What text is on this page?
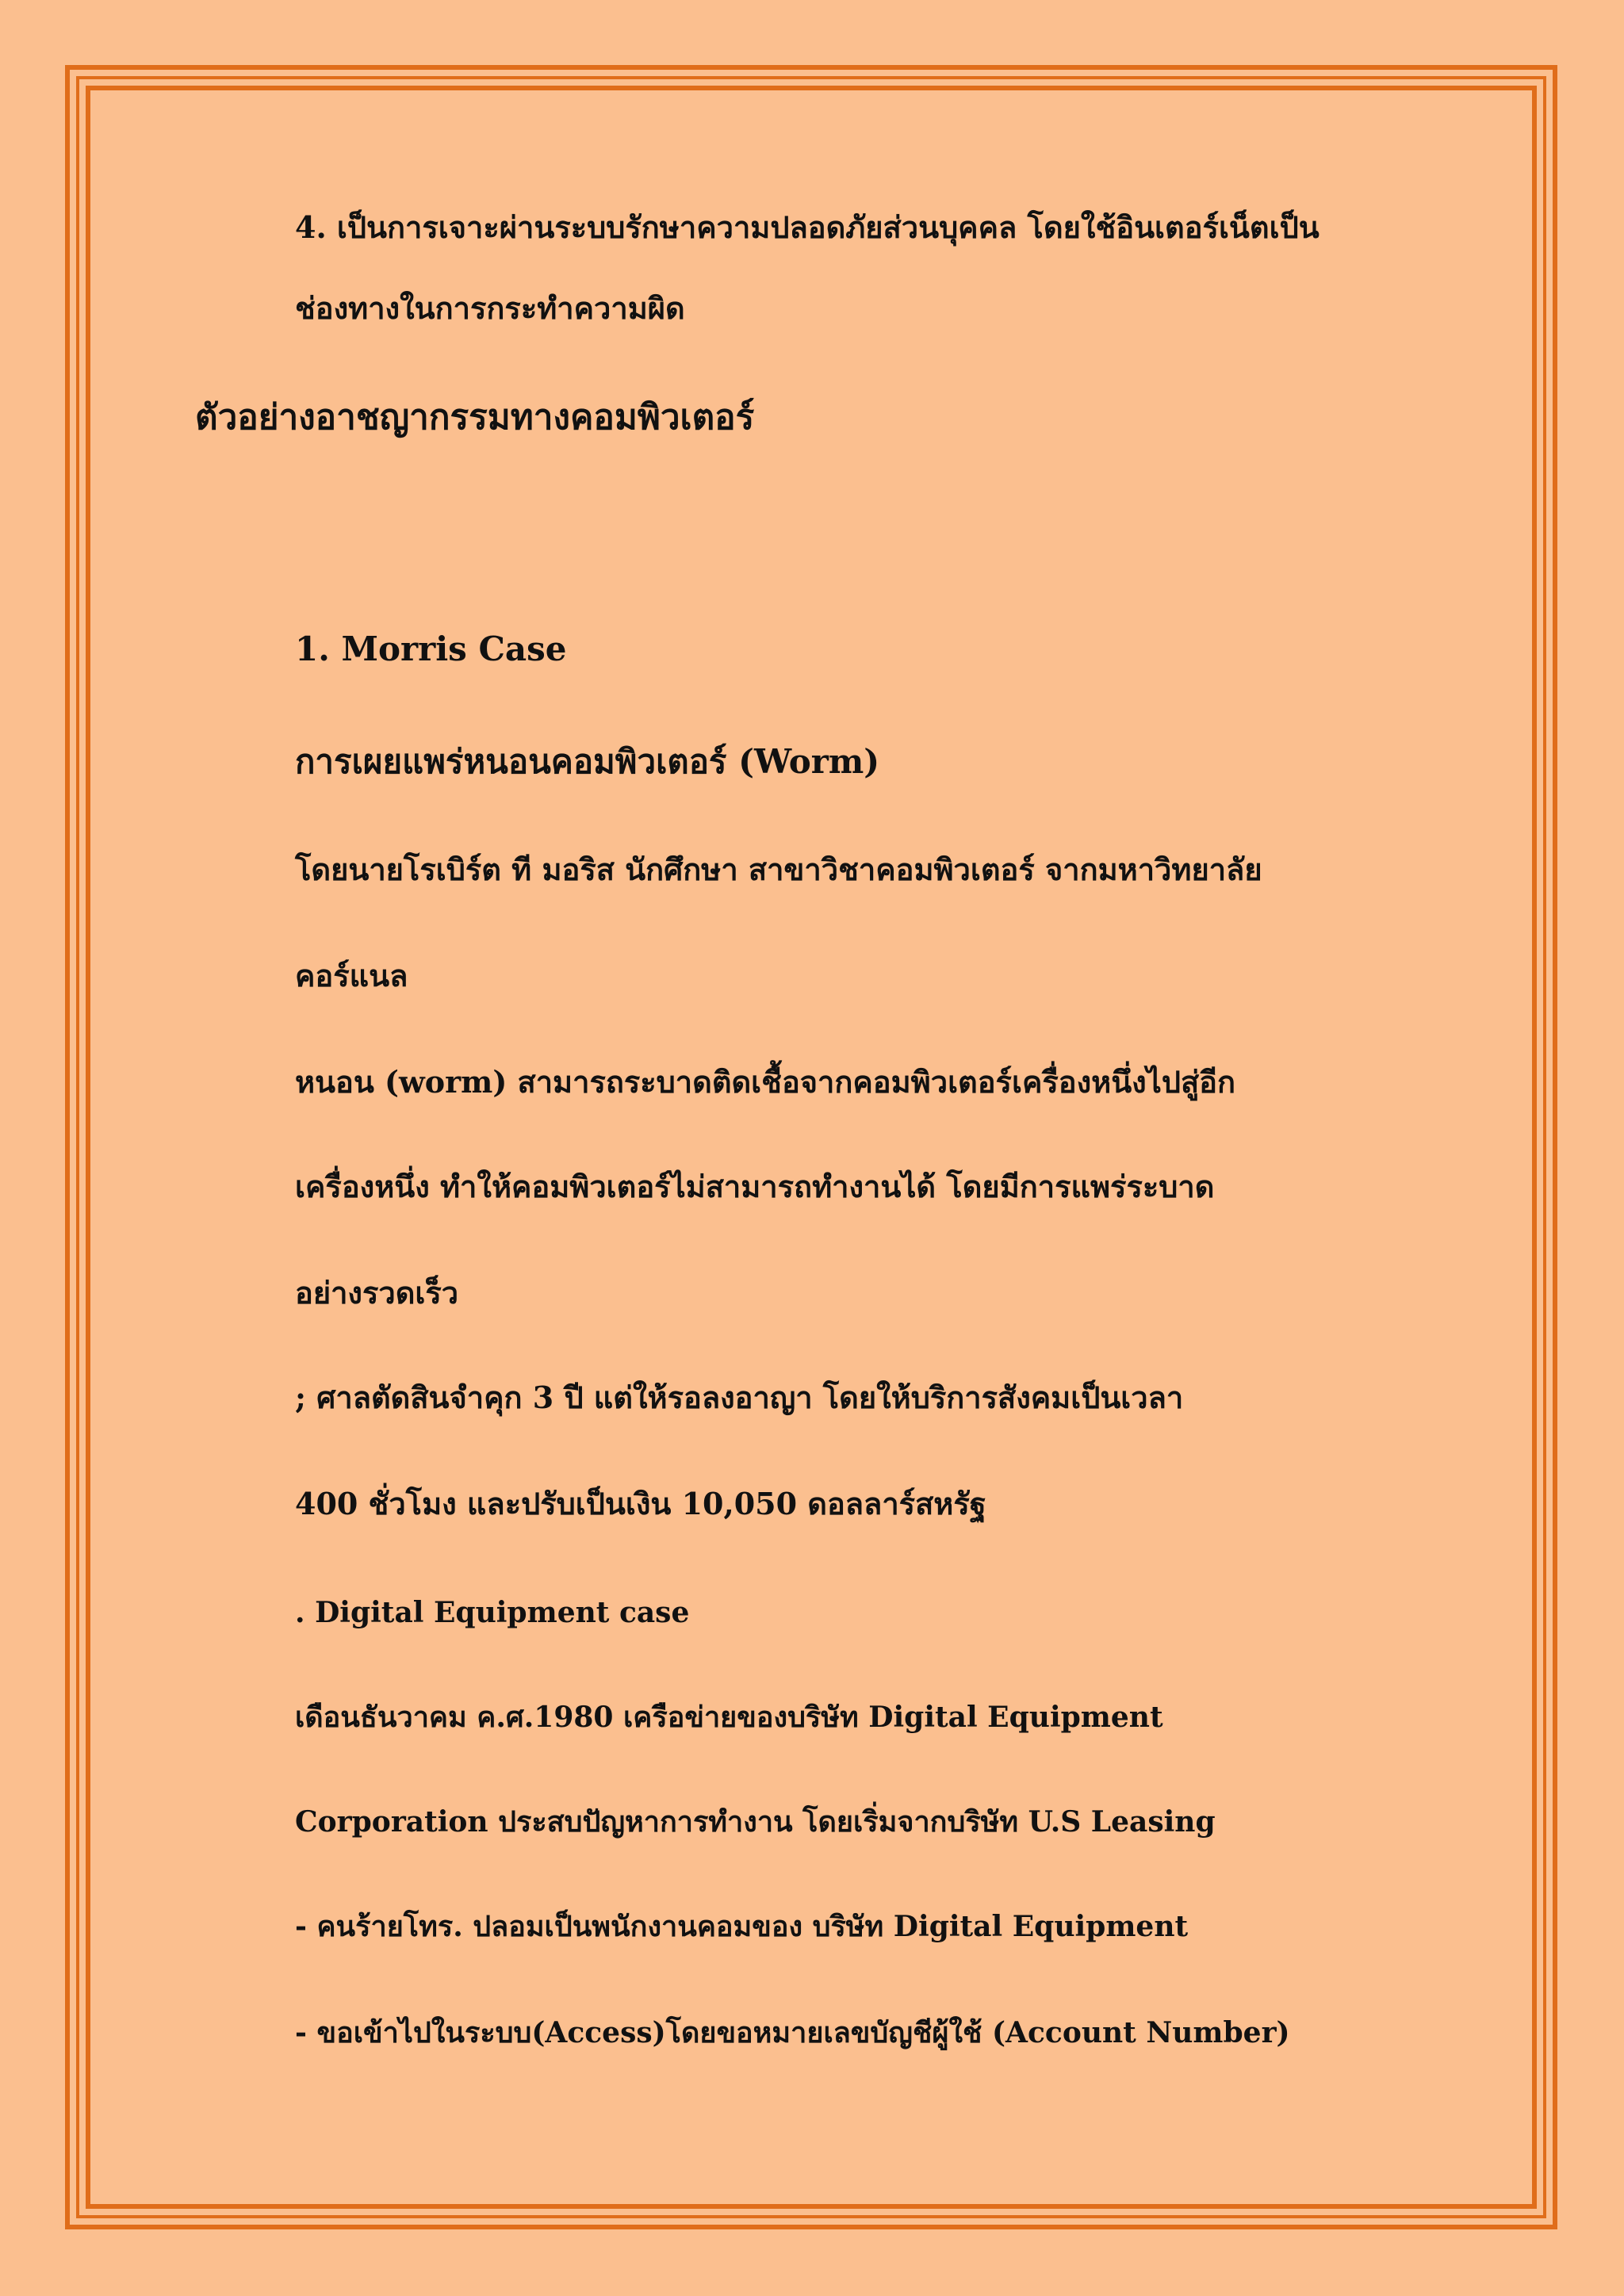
4. เป็นการเจาะผ่านระบบรักษาความปลอดภัยส่วนบุคคล โดยใช้อินเตอร์เน็ตเป็น
ช่องทางในการกระทำความผิด
ตัวอย่างอาชญากรรมทางคอมพิวเตอร์
1. Morris Case
การเผยแพร่หนอนคอมพิวเตอร์ (Worm)
โดยนายโรเบิร์ต ที มอริส นักศึกษา สาขาวิชาคอมพิวเตอร์ จากมหาวิทยาลัย
คอร์แนล
หนอน (worm) สามารถระบาดติดเชื้อจากคอมพิวเตอร์เครื่องหนึ่งไปสู่อีก
เครื่องหนึ่ง ทำให้คอมพิวเตอร์ไม่สามารถทำงานได้ โดยมีการแพร่ระบาด
อย่างรวดเร็ว
; ศาลตัดสินจำคุก 3 ปี แต่ให้รอลงอาญา โดยให้บริการสังคมเป็นเวลา
400 ชั่วโมง และปรับเป็นเงิน 10,050 ดอลลาร์สหรัฐ
. Digital Equipment case
เดือนธันวาคม ค.ศ.1980 เครือข่ายของบริษัท Digital Equipment
Corporation ประสบปัญหาการทำงาน โดยเริ่มจากบริษัท U.S Leasing
- คนร้ายโทร. ปลอมเป็นพนักงานคอมของ บริษัท Digital Equipment
- ขอเข้าไปในระบบ(Access)โดยขอหมายเลขบัญชีผู้ใช้ (Account Number)
